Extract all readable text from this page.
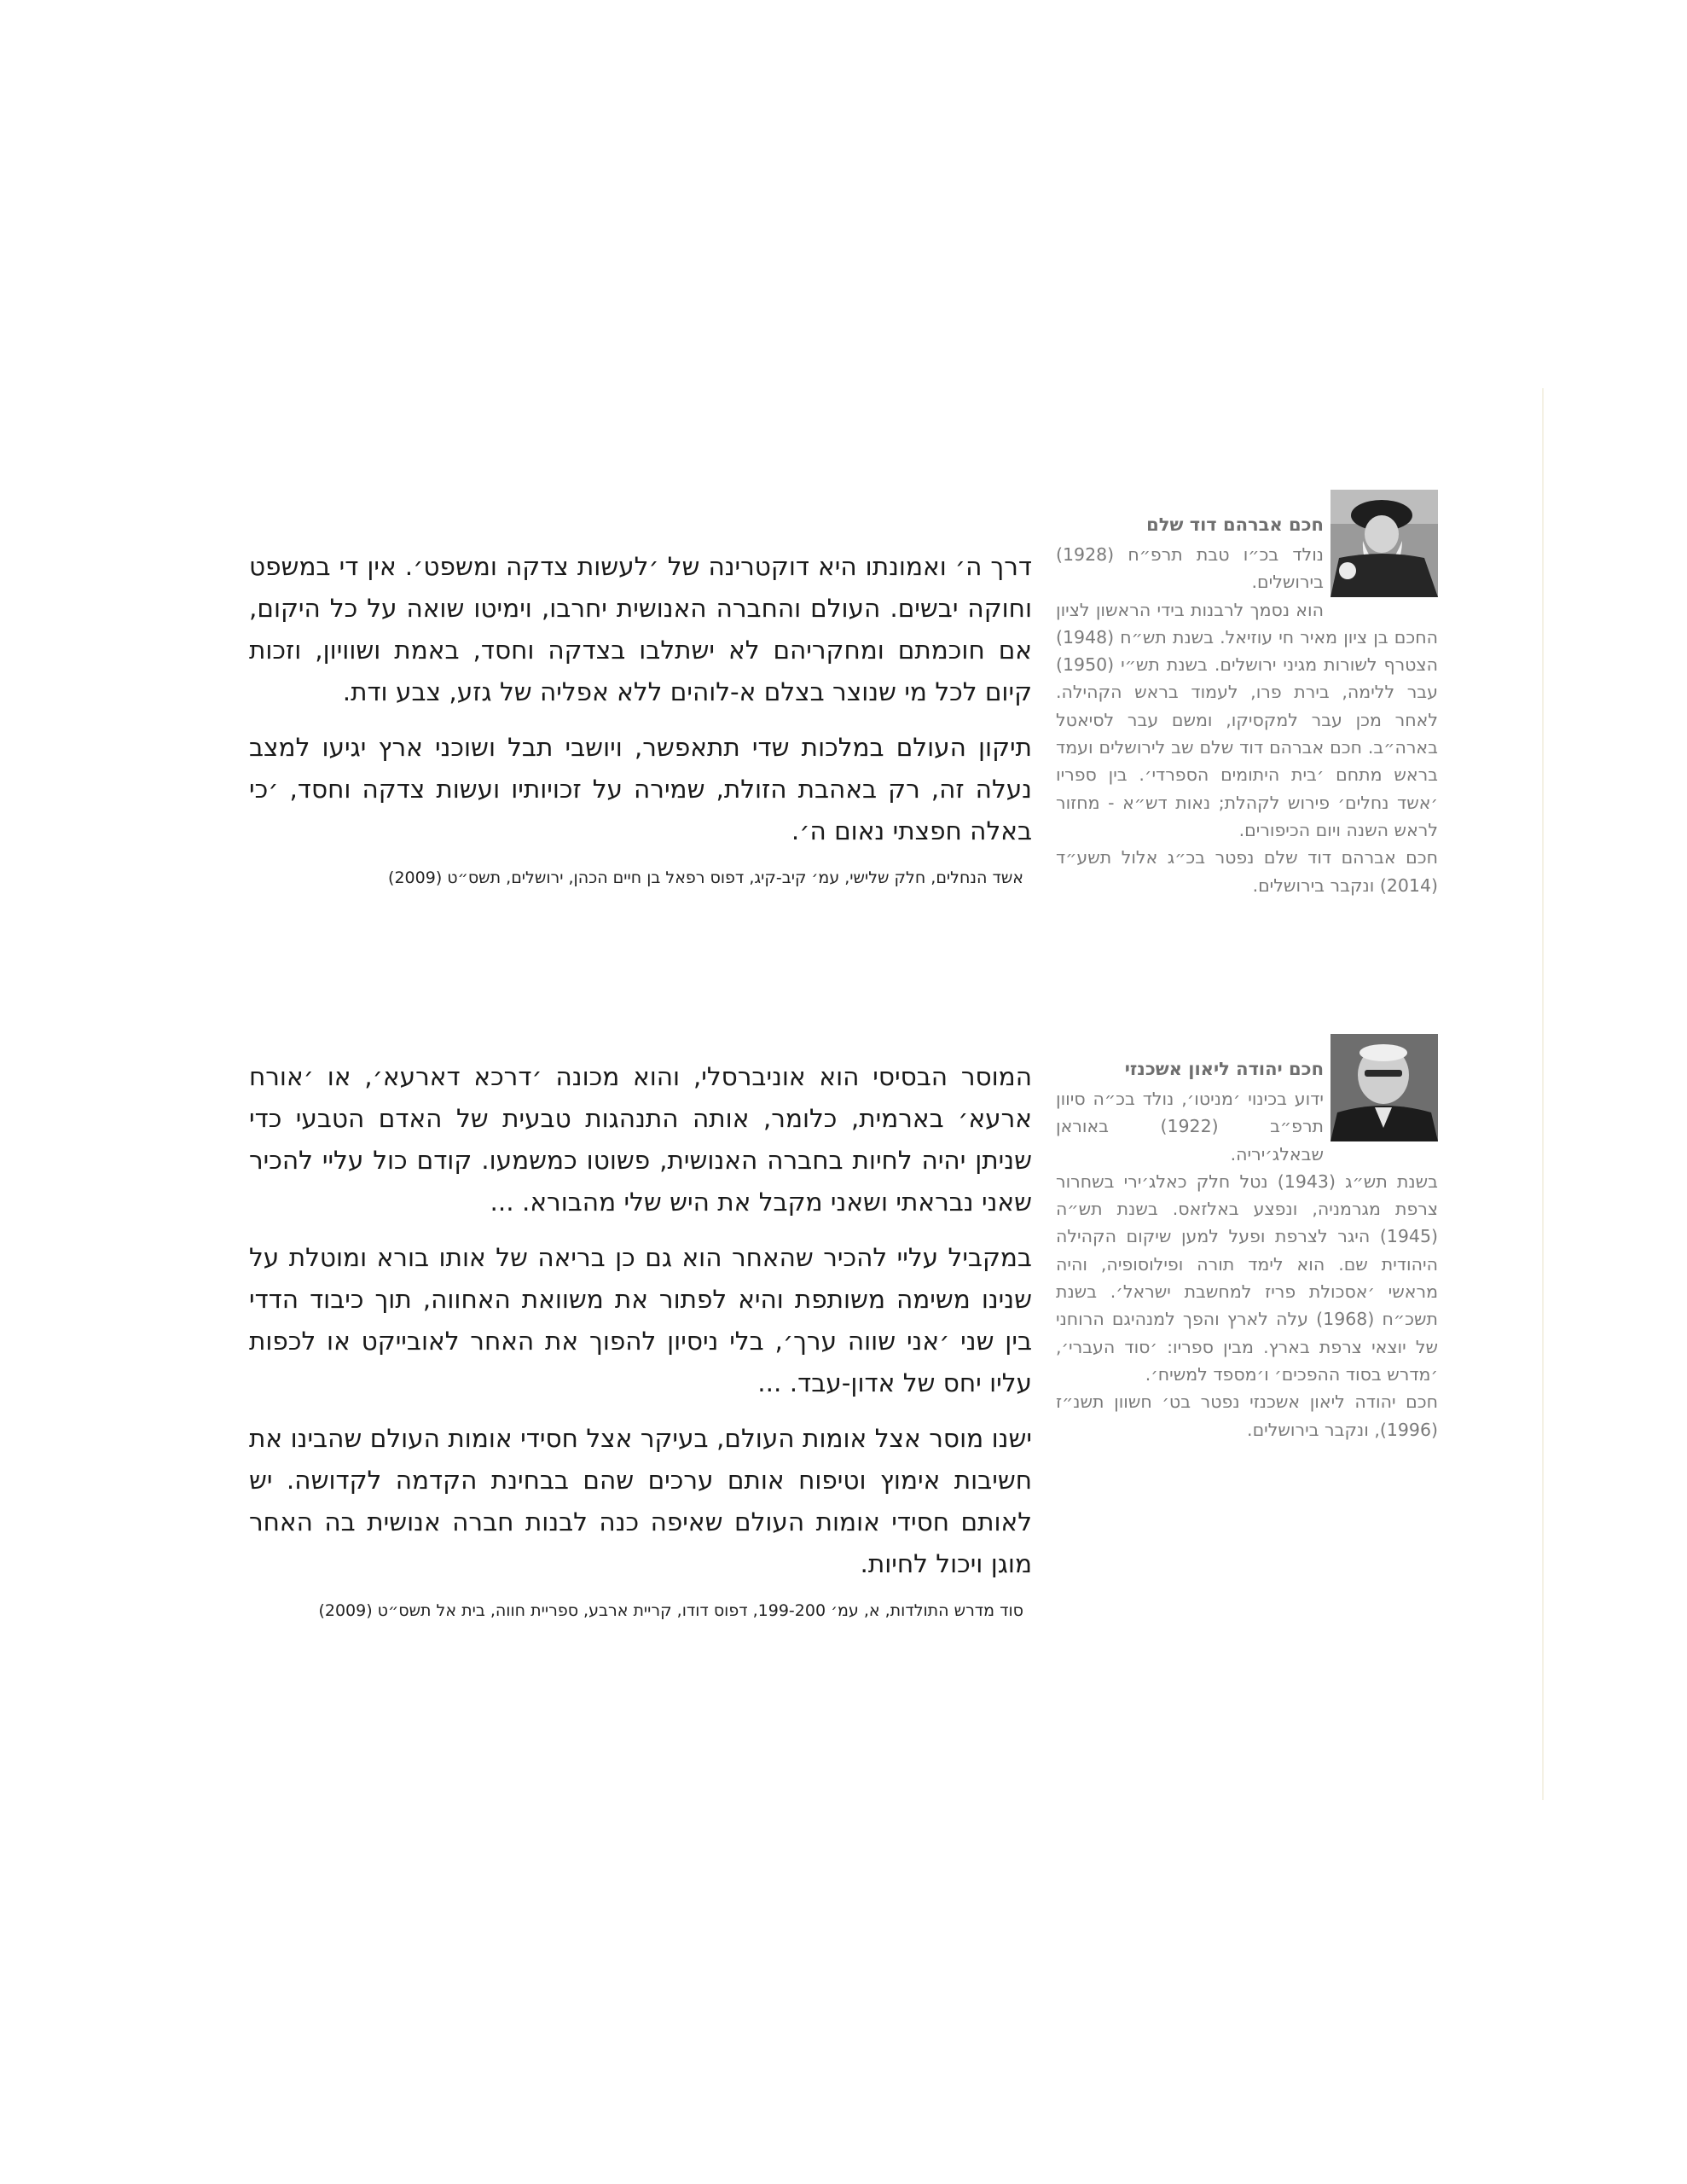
חכם אברהם דוד שלם

נולד בכ״ו טבת תרפ״ח (1928) בירושלים.

הוא נסמך לרבנות בידי הראשון לציון החכם בן ציון מאיר חי עוזיאל. בשנת תש״ח (1948) הצטרף לשורות מגיני ירושלים. בשנת תש״י (1950) עבר ללימה, בירת פרו, לעמוד בראש הקהילה. לאחר מכן עבר למקסיקו, ומשם עבר לסיאטל בארה״ב. חכם אברהם דוד שלם שב לירושלים ועמד בראש מתחם ׳בית היתומים הספרדי׳. בין ספריו ׳אשד נחלים׳ פירוש לקהלת; נאות דש״א - מחזור לראש השנה ויום הכיפורים.

חכם אברהם דוד שלם נפטר בכ״ג אלול תשע״ד (2014) ונקבר בירושלים.

דרך ה׳ ואמונתו היא דוקטרינה של ׳לעשות צדקה ומשפט׳. אין די במשפט וחוקה יבשים. העולם והחברה האנושית יחרבו, וימיטו שואה על כל היקום, אם חוכמתם ומחקריהם לא ישתלבו בצדקה וחסד, באמת ושוויון, וזכות קיום לכל מי שנוצר בצלם א-לוהים ללא אפליה של גזע, צבע ודת.

תיקון העולם במלכות שדי תתאפשר, ויושבי תבל ושוכני ארץ יגיעו למצב נעלה זה, רק באהבת הזולת, שמירה על זכויותיו ועשות צדקה וחסד, ׳כי באלה חפצתי נאום ה׳.

אשד הנחלים, חלק שלישי, עמ׳ קיב-קיג, דפוס רפאל בן חיים הכהן, ירושלים, תשס״ט (2009)
חכם יהודה ליאון אשכנזי

ידוע בכינוי ׳מניטו׳, נולד בכ״ה סיוון תרפ״ב (1922) באוראן שבאלג׳יריה.

בשנת תש״ג (1943) נטל חלק כאלג׳ירי בשחרור צרפת מגרמניה, ונפצע באלזאס. בשנת תש״ה (1945) היגר לצרפת ופעל למען שיקום הקהילה היהודית שם. הוא לימד תורה ופילוסופיה, והיה מראשי ׳אסכולת פריז למחשבת ישראל׳. בשנת תשכ״ח (1968) עלה לארץ והפך למנהיגם הרוחני של יוצאי צרפת בארץ. מבין ספריו: ׳סוד העברי׳, ׳מדרש בסוד ההפכים׳ ו׳מספד למשיח׳.

חכם יהודה ליאון אשכנזי נפטר בט׳ חשוון תשנ״ז (1996), ונקבר בירושלים.

המוסר הבסיסי הוא אוניברסלי, והוא מכונה ׳דרכא דארעא׳, או ׳אורח ארעא׳ בארמית, כלומר, אותה התנהגות טבעית של האדם הטבעי כדי שניתן יהיה לחיות בחברה האנושית, פשוטו כמשמעו. קודם כול עליי להכיר שאני נבראתי ושאני מקבל את היש שלי מהבורא. ...

במקביל עליי להכיר שהאחר הוא גם כן בריאה של אותו בורא ומוטלת על שנינו משימה משותפת והיא לפתור את משוואת האחווה, תוך כיבוד הדדי בין שני ׳אני שווה ערך׳, בלי ניסיון להפוך את האחר לאובייקט או לכפות עליו יחס של אדון-עבד. ...

ישנו מוסר אצל אומות העולם, בעיקר אצל חסידי אומות העולם שהבינו את חשיבות אימוץ וטיפוח אותם ערכים שהם בבחינת הקדמה לקדושה. יש לאותם חסידי אומות העולם שאיפה כנה לבנות חברה אנושית בה האחר מוגן ויכול לחיות.

סוד מדרש התולדות, א, עמ׳ 199-200, דפוס דודו, קריית ארבע, ספריית חווה, בית אל תשס״ט (2009)
